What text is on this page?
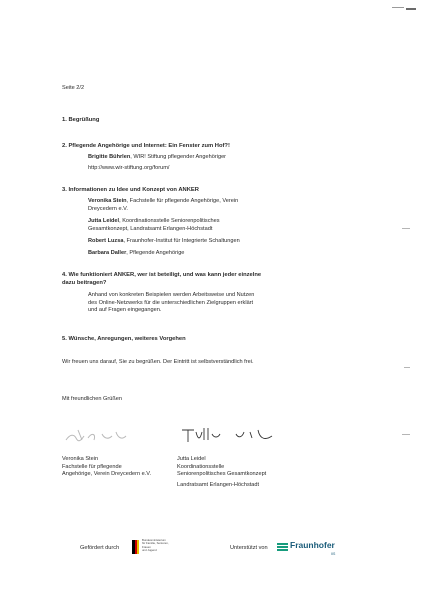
Seite 2/2
1. Begrüßung
2. Pflegende Angehörige und Internet: Ein Fenster zum Hof?!
Brigitte Bührlen, WIR! Stiftung pflegender Angehöriger
http://www.wir-stiftung.org/forum/
3. Informationen zu Idee und Konzept von ANKER
Veronika Stein, Fachstelle für pflegende Angehörige, Verein
Dreycedern e.V.
Jutta Leidel, Koordinationsstelle Seniorenpolitisches
Gesamtkonzept, Landratsamt Erlangen-Höchstadt
Robert Luzsa, Fraunhofer-Institut für Integrierte Schaltungen
Barbara Daller, Pflegende Angehörige
4. Wie funktioniert ANKER, wer ist beteiligt, und was kann jeder einzelne
dazu beitragen?
Anhand von konkreten Beispielen werden Arbeitsweise und Nutzen
des Online-Netzwerks für die unterschiedlichen Zielgruppen erklärt
und auf Fragen eingegangen.
5. Wünsche, Anregungen, weiteres Vorgehen
Wir freuen uns darauf, Sie zu begrüßen. Der Eintritt ist selbstverständlich frei.
Mit freundlichen Grüßen
Veronika Stein
Fachstelle für pflegende
Angehörige, Verein Dreycedern e.V.
Jutta Leidel
Koordinationsstelle
Seniorenpolitisches Gesamtkonzept
Landratsamt Erlangen-Höchstadt
Gefördert durch
Bundesministerium
für Familie, Senioren, Frauen
und Jugend	Unterstützt von	Fraunhofer
IIS
